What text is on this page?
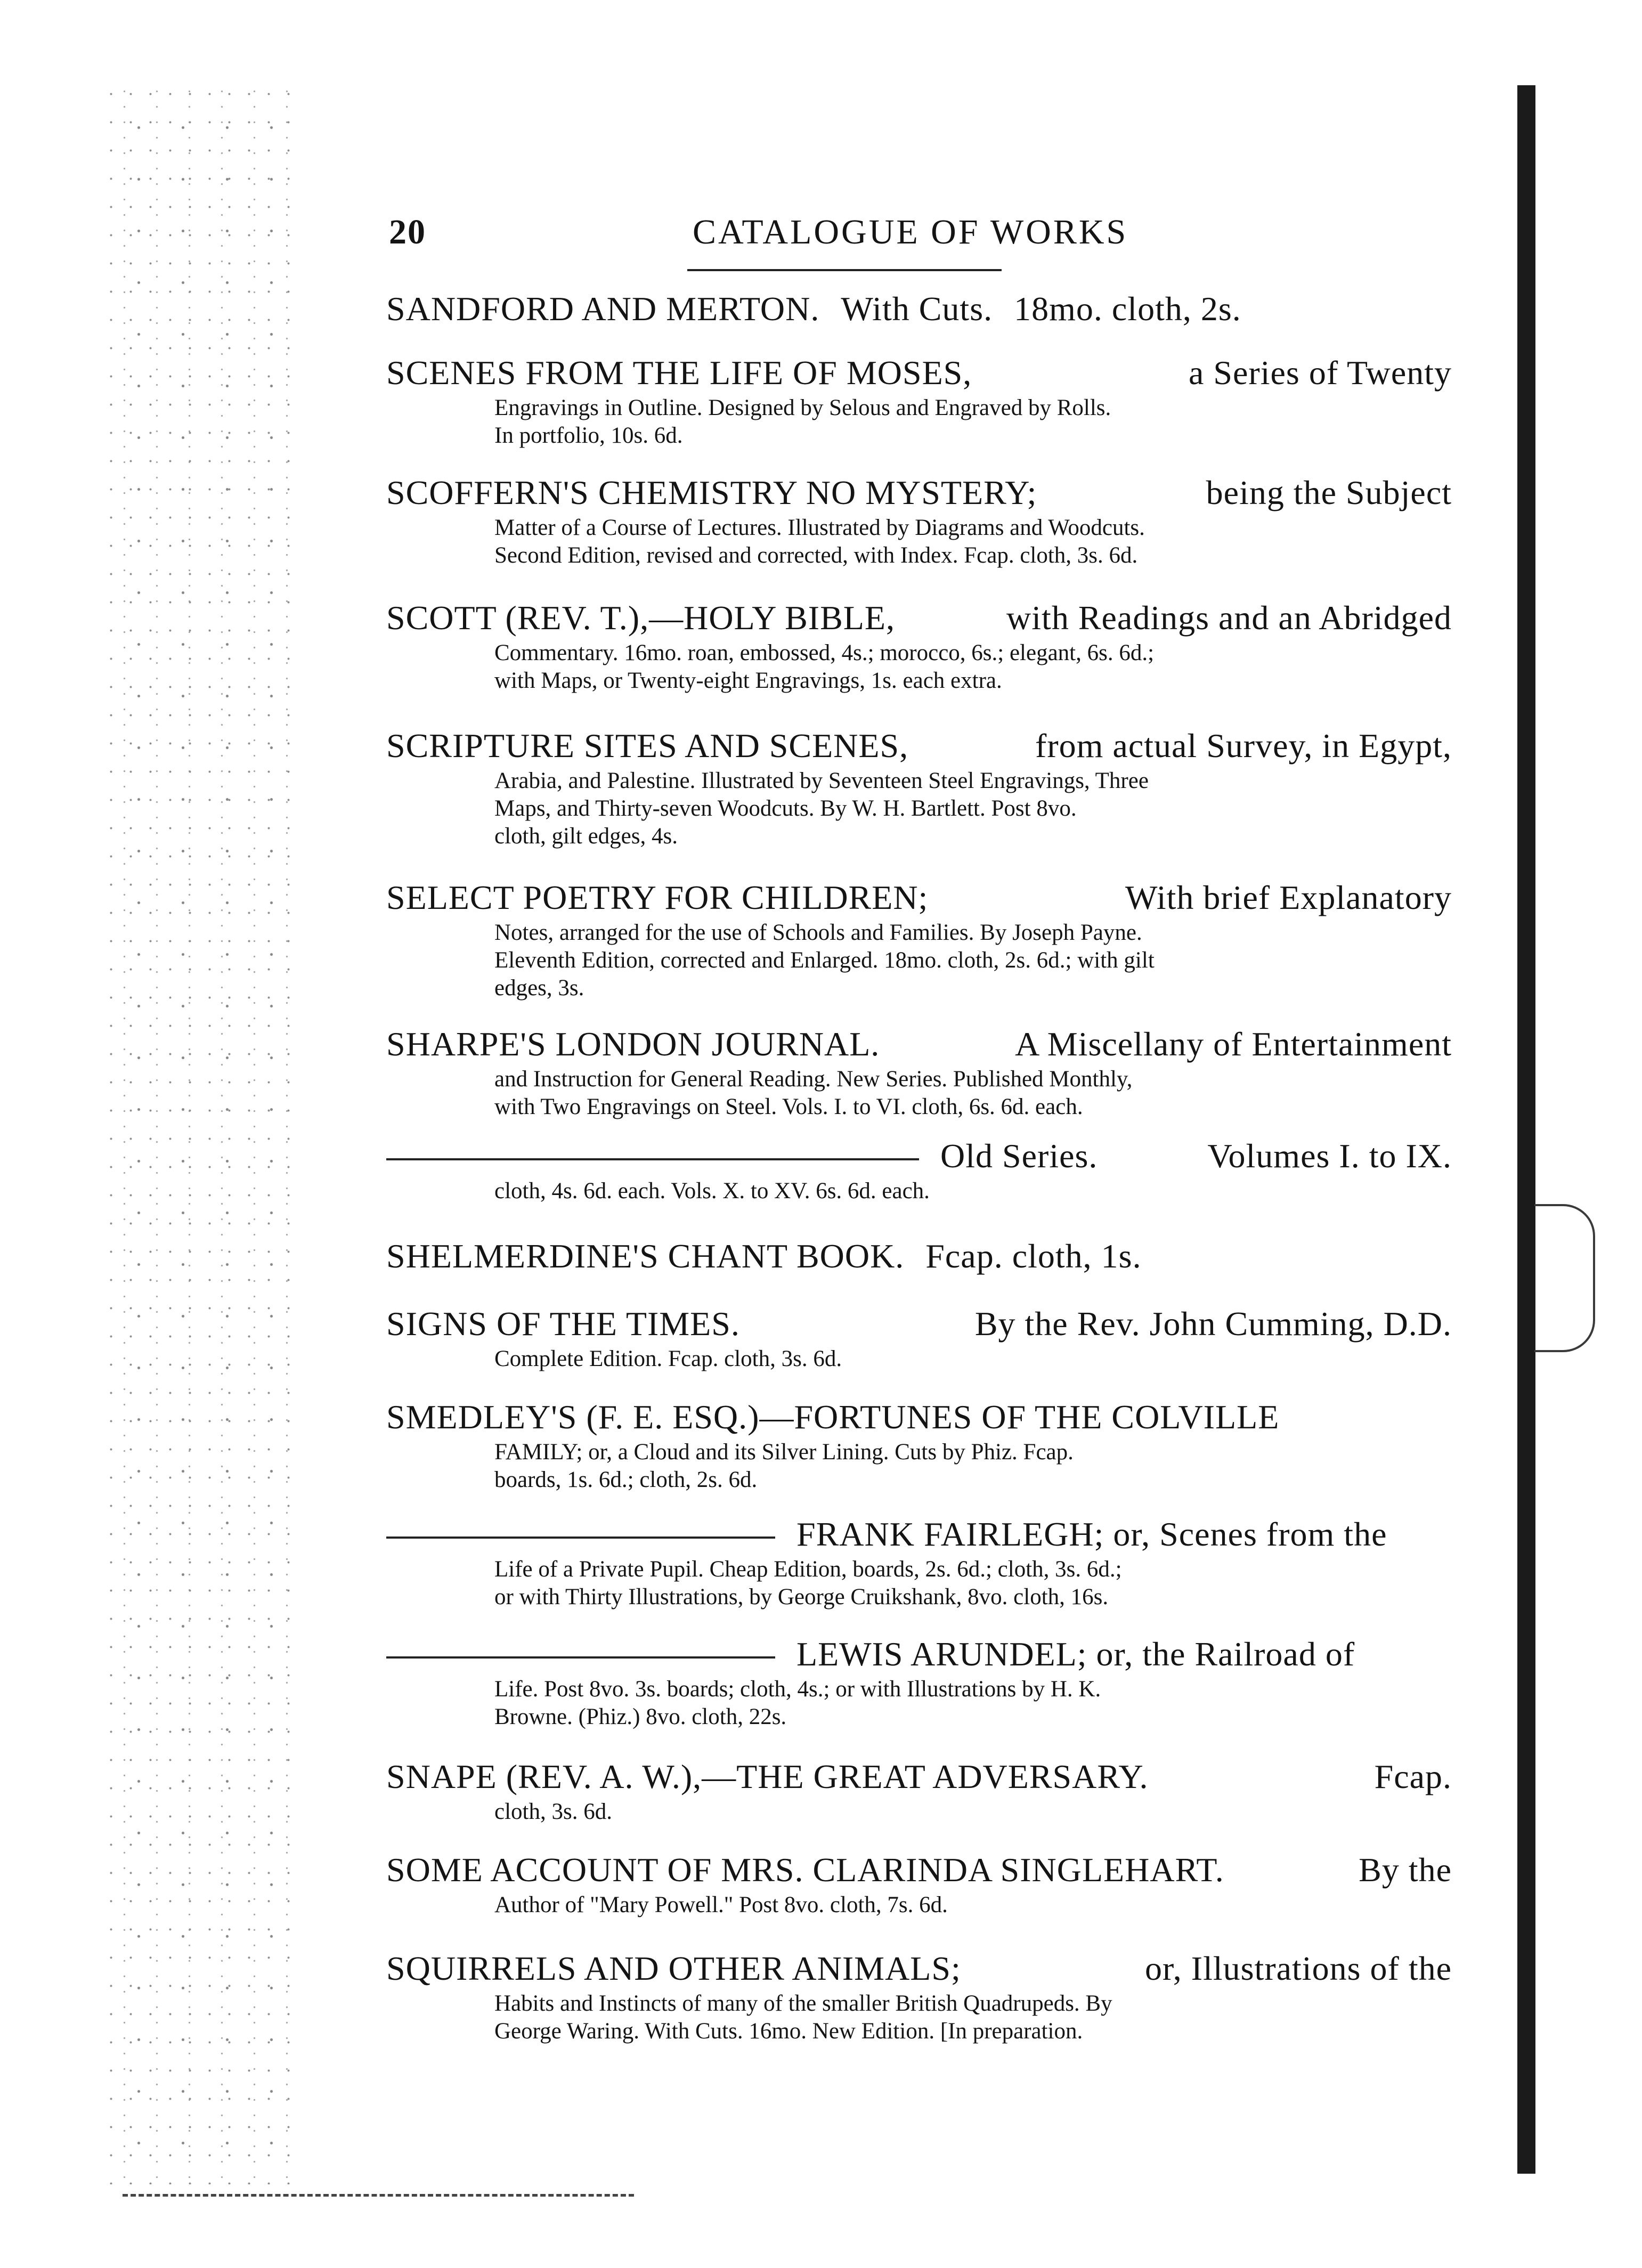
20	CATALOGUE OF WORKS
SANDFORD AND MERTON. With Cuts. 18mo. cloth, 2s.
SCENES FROM THE LIFE OF MOSES,	a Series of Twenty

Engravings in Outline. Designed by Selous and Engraved by Rolls.

In portfolio, 10s. 6d.

SCOFFERN'S CHEMISTRY NO MYSTERY;	being the Subject

Matter of a Course of Lectures. Illustrated by Diagrams and Woodcuts.

Second Edition, revised and corrected, with Index. Fcap. cloth, 3s. 6d.

SCOTT (REV. T.),—HOLY BIBLE,	with Readings and an Abridged

Commentary. 16mo. roan, embossed, 4s.; morocco, 6s.; elegant, 6s. 6d.;

with Maps, or Twenty-eight Engravings, 1s. each extra.

SCRIPTURE SITES AND SCENES,	from actual Survey, in Egypt,

Arabia, and Palestine. Illustrated by Seventeen Steel Engravings, Three

Maps, and Thirty-seven Woodcuts. By W. H. Bartlett. Post 8vo.

cloth, gilt edges, 4s.

SELECT POETRY FOR CHILDREN;	With brief Explanatory

Notes, arranged for the use of Schools and Families. By Joseph Payne.

Eleventh Edition, corrected and Enlarged. 18mo. cloth, 2s. 6d.; with gilt

edges, 3s.

SHARPE'S LONDON JOURNAL.	A Miscellany of Entertainment

and Instruction for General Reading. New Series. Published Monthly,

with Two Engravings on Steel. Vols. I. to VI. cloth, 6s. 6d. each.

Old Series.	Volumes I. to IX.

cloth, 4s. 6d. each. Vols. X. to XV. 6s. 6d. each.

SHELMERDINE'S CHANT BOOK. Fcap. cloth, 1s.
SIGNS OF THE TIMES.	By the Rev. John Cumming, D.D.

Complete Edition. Fcap. cloth, 3s. 6d.

SMEDLEY'S (F. E. ESQ.)—FORTUNES OF THE COLVILLE

FAMILY; or, a Cloud and its Silver Lining. Cuts by Phiz. Fcap.

boards, 1s. 6d.; cloth, 2s. 6d.

FRANK FAIRLEGH; or, Scenes from the

Life of a Private Pupil. Cheap Edition, boards, 2s. 6d.; cloth, 3s. 6d.;

or with Thirty Illustrations, by George Cruikshank, 8vo. cloth, 16s.

LEWIS ARUNDEL; or, the Railroad of

Life. Post 8vo. 3s. boards; cloth, 4s.; or with Illustrations by H. K.

Browne. (Phiz.) 8vo. cloth, 22s.

SNAPE (REV. A. W.),—THE GREAT ADVERSARY.	Fcap.

cloth, 3s. 6d.

SOME ACCOUNT OF MRS. CLARINDA SINGLEHART.	By the

Author of "Mary Powell." Post 8vo. cloth, 7s. 6d.

SQUIRRELS AND OTHER ANIMALS;	or, Illustrations of the

Habits and Instincts of many of the smaller British Quadrupeds. By

George Waring. With Cuts. 16mo. New Edition. [In preparation.
